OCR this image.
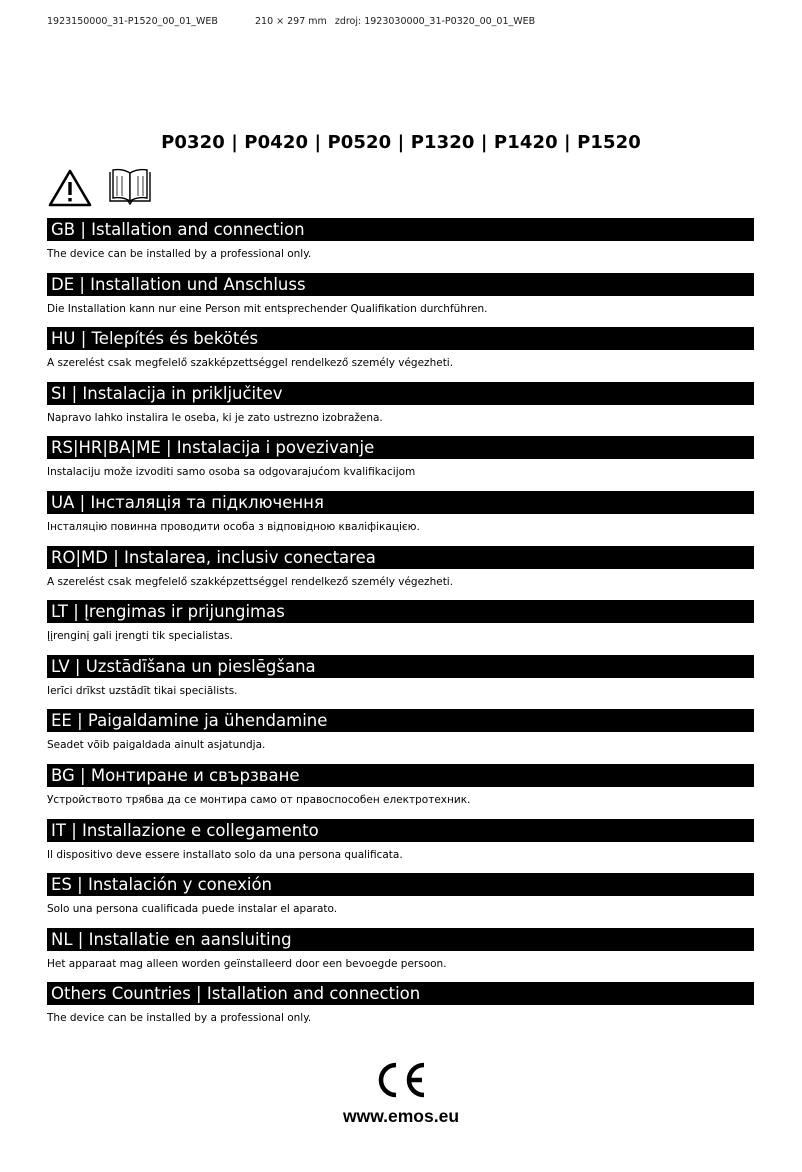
1923150000_31-P1520_00_01_WEB	210 × 297 mm zdroj: 1923030000_31-P0320_00_01_WEB
P0320 | P0420 | P0520 | P1320 | P1420 | P1520

GB | Istallation and connection
The device can be installed by a professional only.
DE | Installation und Anschluss
Die Installation kann nur eine Person mit entsprechender Qualifikation durchführen.
HU | Telepítés és bekötés
A szerelést csak megfelelő szakképzettséggel rendelkező személy végezheti.
SI | Instalacija in priključitev
Napravo lahko instalira le oseba, ki je zato ustrezno izobražena.
RS|HR|BA|ME | Instalacija i povezivanje
Instalaciju može izvoditi samo osoba sa odgovarajućom kvalifikacijom
UA | Інсталяція та підключення
Інсталяцію повинна проводити особа з відповідною кваліфікацією.
RO|MD | Instalarea, inclusiv conectarea
A szerelést csak megfelelő szakképzettséggel rendelkező személy végezheti.
LT | Įrengimas ir prijungimas
Įįrenginį gali įrengti tik specialistas.
LV | Uzstādīšana un pieslēgšana
Ierīci drīkst uzstādīt tikai speciālists.
EE | Paigaldamine ja ühendamine
Seadet võib paigaldada ainult asjatundja.
BG | Монтиране и свързване
Устройството трябва да се монтира само от правоспособен електротехник.
IT | Installazione e collegamento
Il dispositivo deve essere installato solo da una persona qualificata.
ES | Instalación y conexión
Solo una persona cualificada puede instalar el aparato.
NL | Installatie en aansluiting
Het apparaat mag alleen worden geïnstalleerd door een bevoegde persoon.
Others Countries | Istallation and connection
The device can be installed by a professional only.
www.emos.eu
